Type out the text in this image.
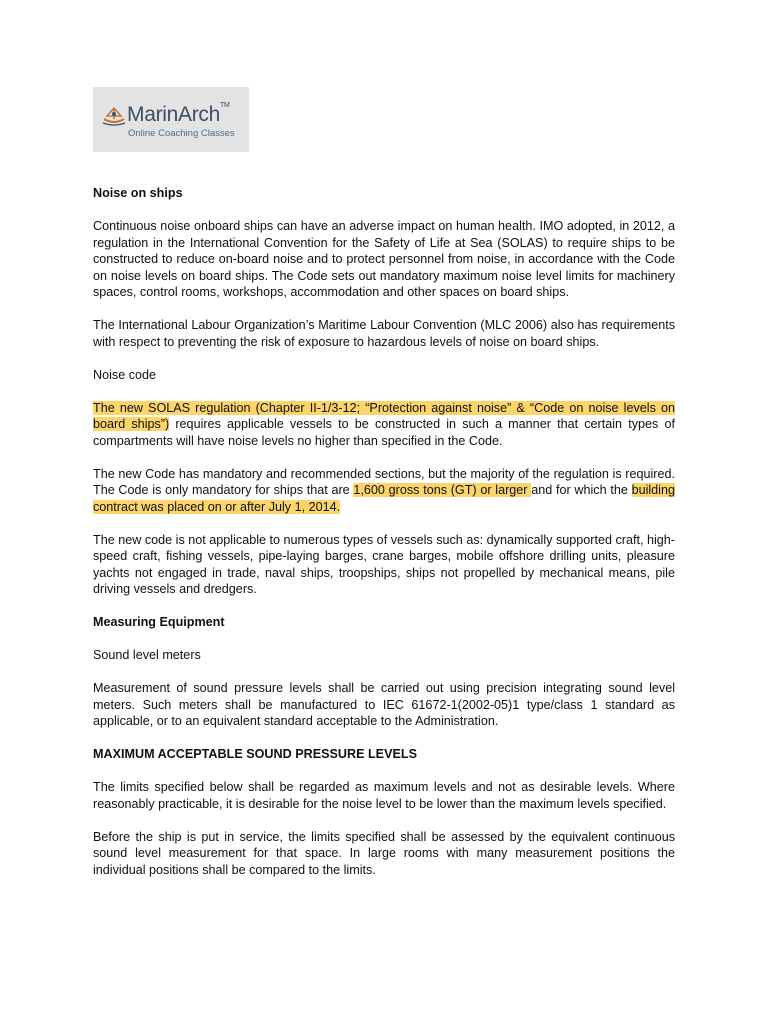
MarinArch™
Online Coaching Classes

Noise on ships

Continuous noise onboard ships can have an adverse impact on human health. IMO adopted, in 2012, a regulation in the International Convention for the Safety of Life at Sea (SOLAS) to require ships to be constructed to reduce on-board noise and to protect personnel from noise, in accordance with the Code on noise levels on board ships. The Code sets out mandatory maximum noise level limits for machinery spaces, control rooms, workshops, accommodation and other spaces on board ships.

The International Labour Organization’s Maritime Labour Convention (MLC 2006) also has requirements with respect to preventing the risk of exposure to hazardous levels of noise on board ships.

Noise code

The new SOLAS regulation (Chapter II-1/3-12; “Protection against noise” & “Code on noise levels on board ships”) requires applicable vessels to be constructed in such a manner that certain types of compartments will have noise levels no higher than specified in the Code.

The new Code has mandatory and recommended sections, but the majority of the regulation is required. The Code is only mandatory for ships that are 1,600 gross tons (GT) or larger and for which the building contract was placed on or after July 1, 2014.

The new code is not applicable to numerous types of vessels such as: dynamically supported craft, high-speed craft, fishing vessels, pipe-laying barges, crane barges, mobile offshore drilling units, pleasure yachts not engaged in trade, naval ships, troopships, ships not propelled by mechanical means, pile driving vessels and dredgers.

Measuring Equipment

Sound level meters

Measurement of sound pressure levels shall be carried out using precision integrating sound level meters. Such meters shall be manufactured to IEC 61672-1(2002-05)1 type/class 1 standard as applicable, or to an equivalent standard acceptable to the Administration.

MAXIMUM ACCEPTABLE SOUND PRESSURE LEVELS

The limits specified below shall be regarded as maximum levels and not as desirable levels. Where reasonably practicable, it is desirable for the noise level to be lower than the maximum levels specified.

Before the ship is put in service, the limits specified shall be assessed by the equivalent continuous sound level measurement for that space. In large rooms with many measurement positions the individual positions shall be compared to the limits.
